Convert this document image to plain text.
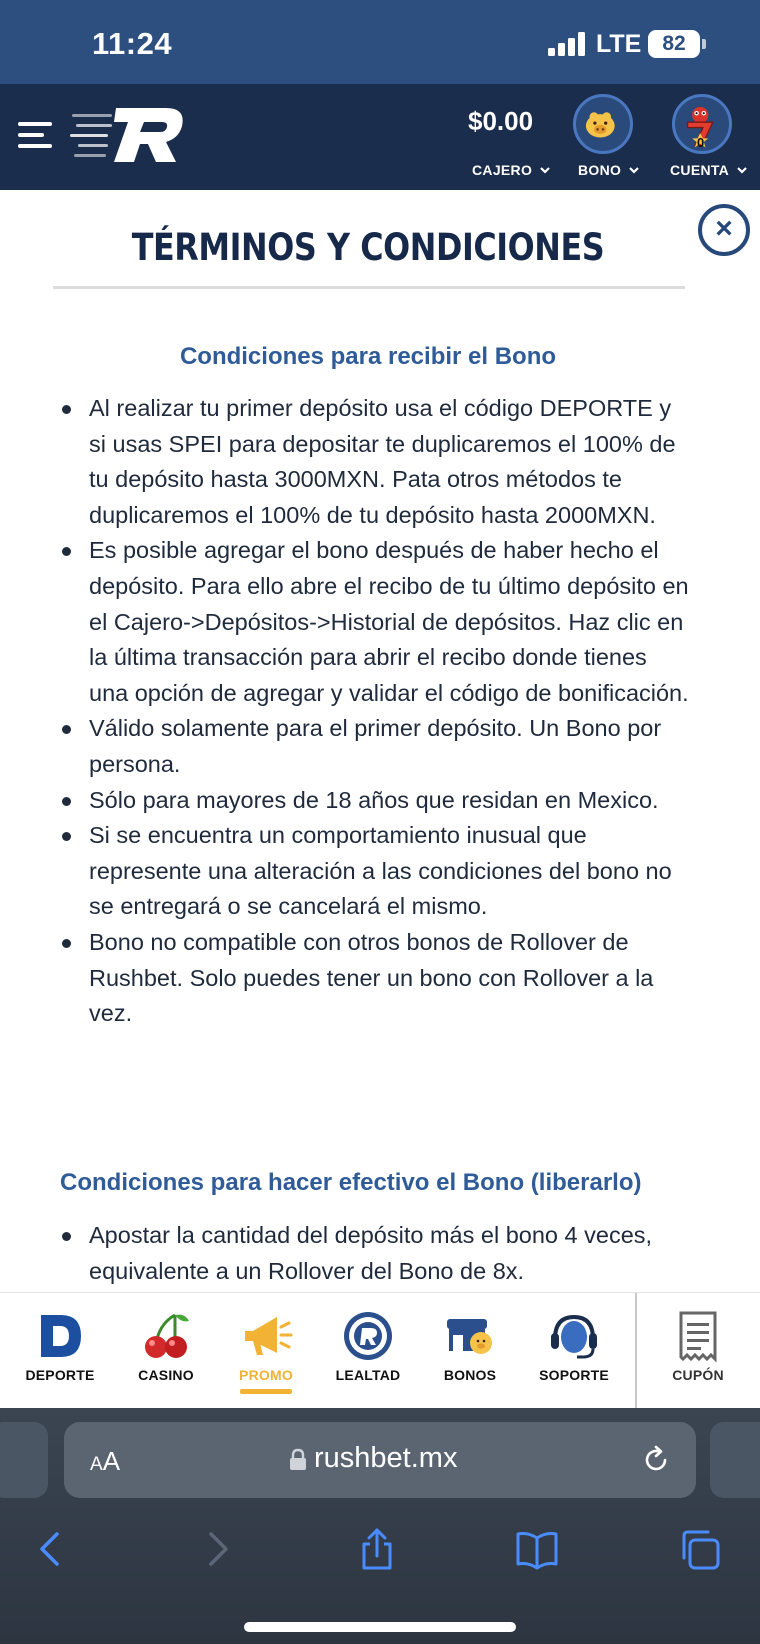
11:24	LTE 82
$0.00
CAJERO	BONO
0
CUENTA
×
TÉRMINOS Y CONDICIONES
Condiciones para recibir el Bono
Al realizar tu primer depósito usa el código DEPORTE y si usas SPEI para depositar te duplicaremos el 100% de tu depósito hasta 3000MXN. Pata otros métodos te duplicaremos el 100% de tu depósito hasta 2000MXN.
Es posible agregar el bono después de haber hecho el depósito. Para ello abre el recibo de tu último depósito en el Cajero->Depósitos->Historial de depósitos. Haz clic en la última transacción para abrir el recibo donde tienes una opción de agregar y validar el código de bonificación.
Válido solamente para el primer depósito. Un Bono por persona.
Sólo para mayores de 18 años que residan en Mexico.
Si se encuentra un comportamiento inusual que represente una alteración a las condiciones del bono no se entregará o se cancelará el mismo.
Bono no compatible con otros bonos de Rollover de Rushbet. Solo puedes tener un bono con Rollover a la vez.
Condiciones para hacer efectivo el Bono (liberarlo)
Apostar la cantidad del depósito más el bono 4 veces, equivalente a un Rollover del Bono de 8x.
DEPORTE	CASINO	PROMO	LEALTAD	BONOS	SOPORTE	CUPÓN
AA	rushbet.mx
